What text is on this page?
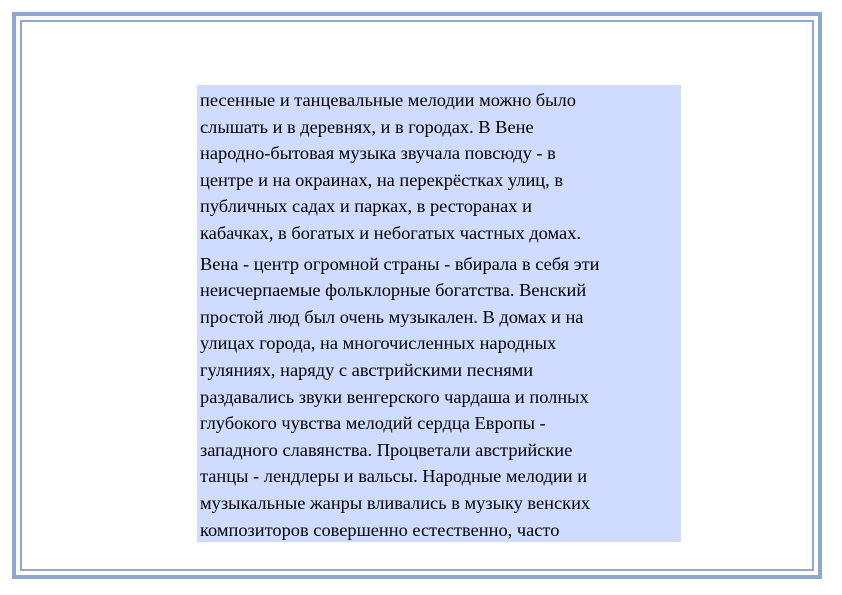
песенные и танцевальные мелодии можно было
слышать и в деревнях, и в городах. В Вене
народно-бытовая музыка звучала повсюду - в
центре и на окраинах, на перекрёстках улиц, в
публичных садах и парках, в ресторанах и
кабачках, в богатых и небогатых частных домах.

Вена - центр огромной страны - вбирала в себя эти
неисчерпаемые фольклорные богатства. Венский
простой люд был очень музыкален. В домах и на
улицах города, на многочисленных народных
гуляниях, наряду с австрийскими песнями
раздавались звуки венгерского чардаша и полных
глубокого чувства мелодий сердца Европы -
западного славянства. Процветали австрийские
танцы - лендлеры и вальсы. Народные мелодии и
музыкальные жанры вливались в музыку венских
композиторов совершенно естественно, часто
